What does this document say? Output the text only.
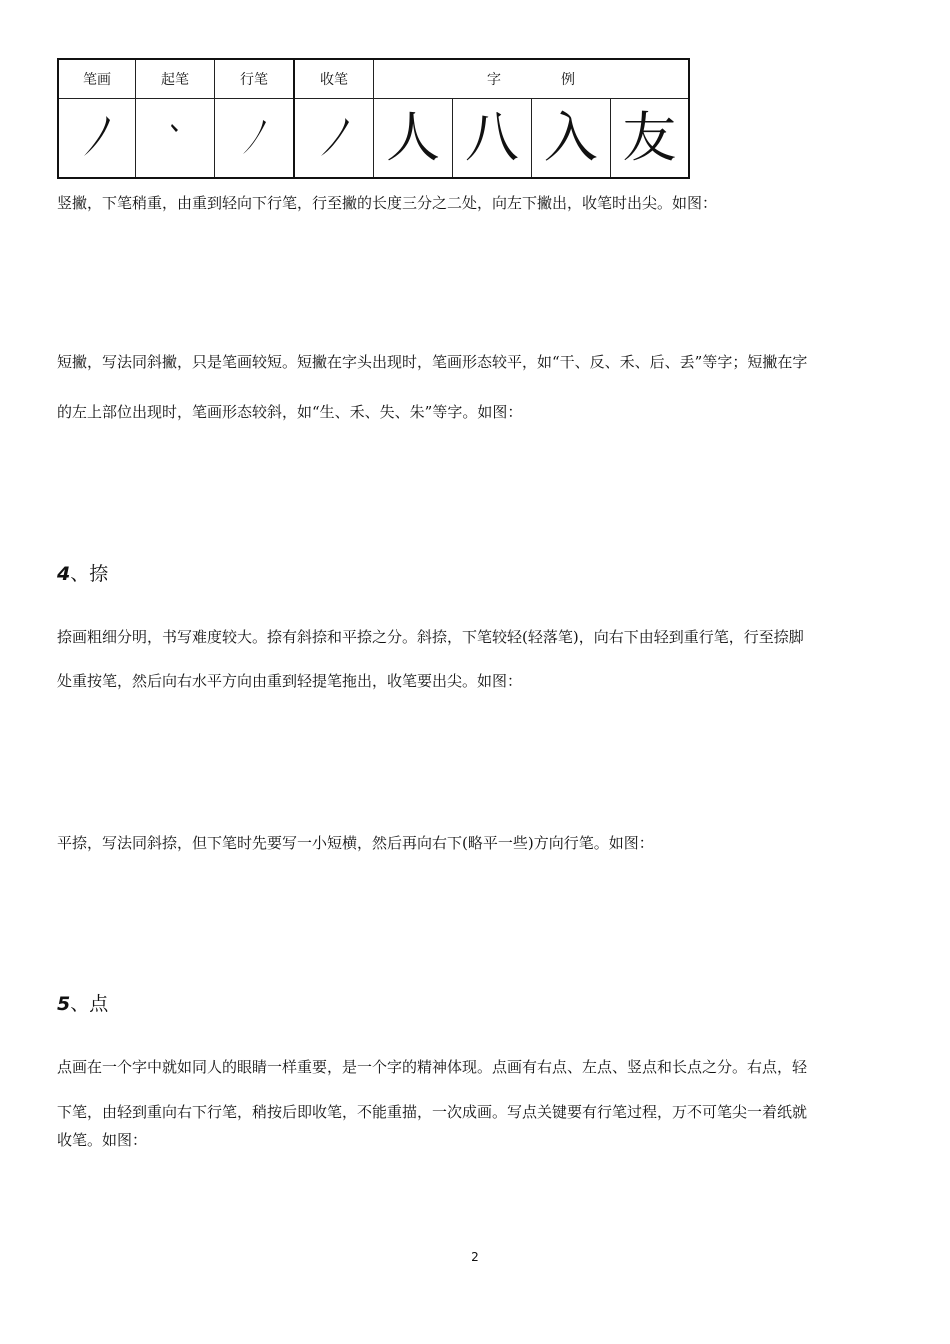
笔画	起笔	行笔	收笔	字例			

	人	八	入	友

竖撇，下笔稍重，由重到轻向下行笔，行至撇的长度三分之二处，向左下撇出，收笔时出尖。如图：

短撇，写法同斜撇，只是笔画较短。短撇在字头出现时，笔画形态较平，如“干、反、禾、后、丢”等字；短撇在字

的左上部位出现时，笔画形态较斜，如“生、禾、失、朱”等字。如图：

4、捺

捺画粗细分明，书写难度较大。捺有斜捺和平捺之分。斜捺，下笔较轻(轻落笔)，向右下由轻到重行笔，行至捺脚

处重按笔，然后向右水平方向由重到轻提笔拖出，收笔要出尖。如图：

平捺，写法同斜捺，但下笔时先要写一小短横，然后再向右下(略平一些)方向行笔。如图：

5、点

点画在一个字中就如同人的眼睛一样重要，是一个字的精神体现。点画有右点、左点、竖点和长点之分。右点，轻

下笔，由轻到重向右下行笔，稍按后即收笔，不能重描，一次成画。写点关键要有行笔过程，万不可笔尖一着纸就

收笔。如图：

2
